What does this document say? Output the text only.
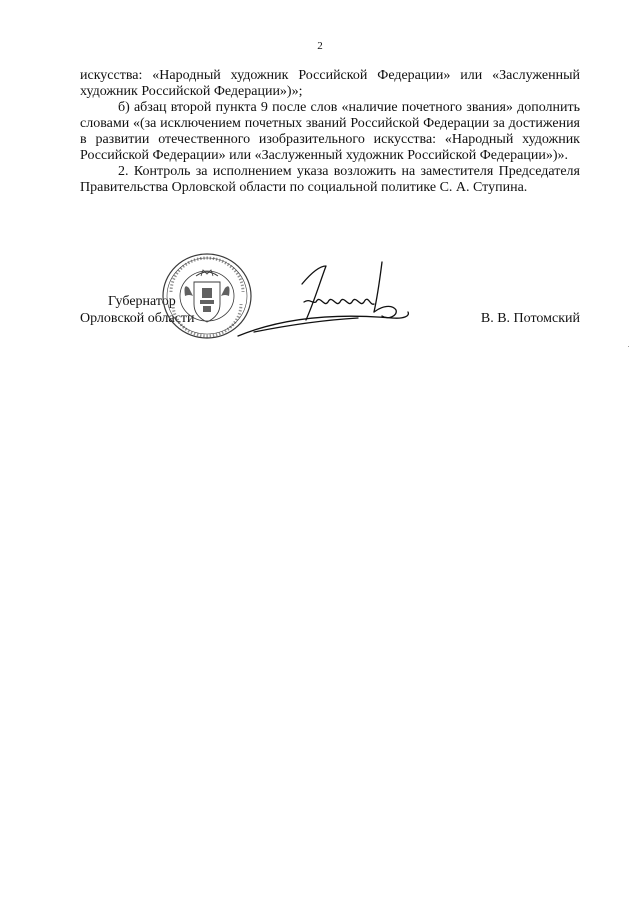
2

искусства: «Народный художник Российской Федерации» или «Заслуженный художник Российской Федерации»)»;

б) абзац второй пункта 9 после слов «наличие почетного звания» дополнить словами «(за исключением почетных званий Российской Федерации за достижения в развитии отечественного изобразительного искусства: «Народный художник Российской Федерации» или «Заслуженный художник Российской Федерации»)».

2. Контроль за исполнением указа возложить на заместителя Председателя Правительства Орловской области по социальной политике С. А. Ступина.

Губернатор
Орловской области	В. В. Потомский
